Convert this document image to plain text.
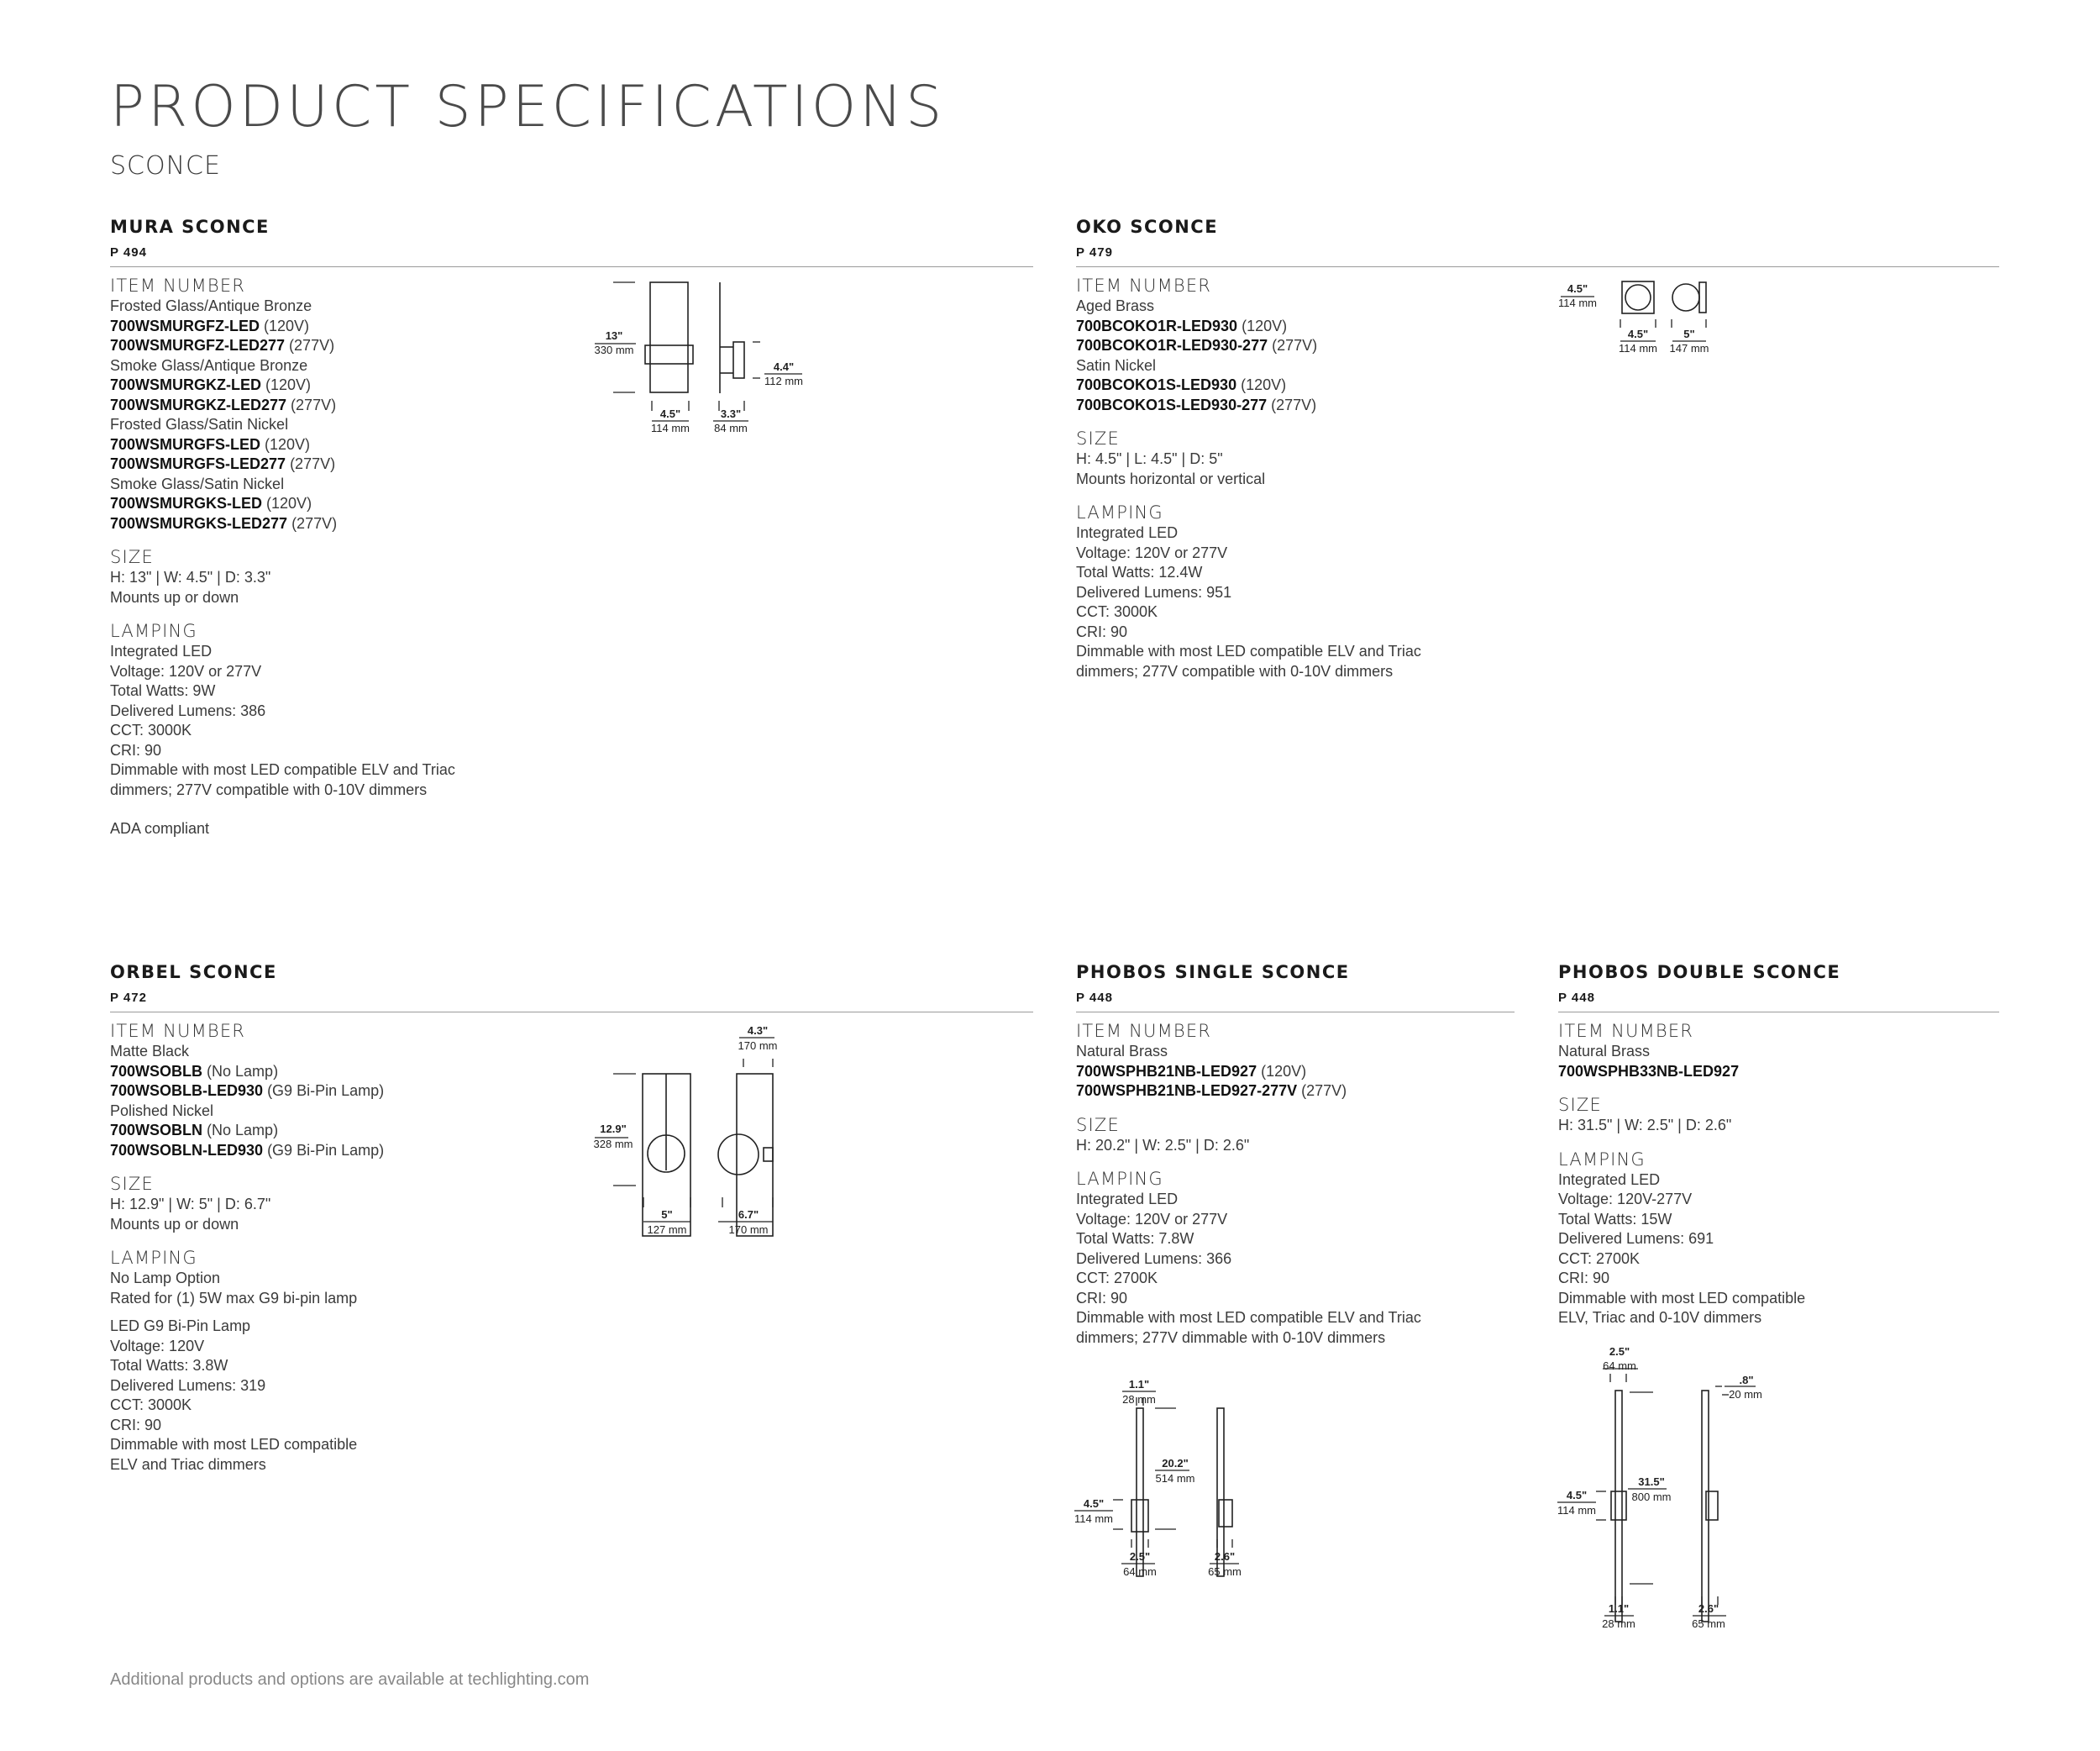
PRODUCT SPECIFICATIONS
SCONCE
MURA SCONCE
P 494
ITEM NUMBER
Frosted Glass/Antique Bronze
700WSMURGFZ-LED (120V)
700WSMURGFZ-LED277 (277V)
Smoke Glass/Antique Bronze
700WSMURGKZ-LED (120V)
700WSMURGKZ-LED277 (277V)
Frosted Glass/Satin Nickel
700WSMURGFS-LED (120V)
700WSMURGFS-LED277 (277V)
Smoke Glass/Satin Nickel
700WSMURGKS-LED (120V)
700WSMURGKS-LED277 (277V)
SIZE
H: 13" | W: 4.5" | D: 3.3"
Mounts up or down
LAMPING
Integrated LED
Voltage: 120V or 277V
Total Watts: 9W
Delivered Lumens: 386
CCT: 3000K
CRI: 90
Dimmable with most LED compatible ELV and Triac
dimmers; 277V compatible with 0-10V dimmers
ADA compliant
13"
330 mm
4.5"
114 mm
3.3"
84 mm
4.4"
112 mm
OKO SCONCE
P 479
ITEM NUMBER
Aged Brass
700BCOKO1R-LED930 (120V)
700BCOKO1R-LED930-277 (277V)
Satin Nickel
700BCOKO1S-LED930 (120V)
700BCOKO1S-LED930-277 (277V)
SIZE
H: 4.5" | L: 4.5" | D: 5"
Mounts horizontal or vertical
LAMPING
Integrated LED
Voltage: 120V or 277V
Total Watts: 12.4W
Delivered Lumens: 951
CCT: 3000K
CRI: 90
Dimmable with most LED compatible ELV and Triac
dimmers; 277V compatible with 0-10V dimmers
4.5"
114 mm
4.5"
114 mm
5"
147 mm
ORBEL SCONCE
P 472
ITEM NUMBER
Matte Black
700WSOBLB (No Lamp)
700WSOBLB-LED930 (G9 Bi-Pin Lamp)
Polished Nickel
700WSOBLN (No Lamp)
700WSOBLN-LED930 (G9 Bi-Pin Lamp)
SIZE
H: 12.9" | W: 5" | D: 6.7"
Mounts up or down
LAMPING
No Lamp Option
Rated for (1) 5W max G9 bi-pin lamp
LED G9 Bi-Pin Lamp
Voltage: 120V
Total Watts: 3.8W
Delivered Lumens: 319
CCT: 3000K
CRI: 90
Dimmable with most LED compatible
ELV and Triac dimmers
12.9"
328 mm
5"
127 mm
6.7"
170 mm
4.3"
170 mm
PHOBOS SINGLE SCONCE
P 448
ITEM NUMBER
Natural Brass
700WSPHB21NB-LED927 (120V)
700WSPHB21NB-LED927-277V (277V)
SIZE
H: 20.2" | W: 2.5" | D: 2.6"
LAMPING
Integrated LED
Voltage: 120V or 277V
Total Watts: 7.8W
Delivered Lumens: 366
CCT: 2700K
CRI: 90
Dimmable with most LED compatible ELV and Triac
dimmers; 277V dimmable with 0-10V dimmers
1.1"
28 mm
20.2"
514 mm
4.5"
114 mm
2.5"
64 mm
2.6"
65 mm
PHOBOS DOUBLE SCONCE
P 448
ITEM NUMBER
Natural Brass
700WSPHB33NB-LED927
SIZE
H: 31.5" | W: 2.5" | D: 2.6"
LAMPING
Integrated LED
Voltage: 120V-277V
Total Watts: 15W
Delivered Lumens: 691
CCT: 2700K
CRI: 90
Dimmable with most LED compatible
ELV, Triac and 0-10V dimmers
2.5"
64 mm
.8"
20 mm
4.5"
114 mm
31.5"
800 mm
1.1"
28 mm
2.6"
65 mm
Additional products and options are available at techlighting.com
